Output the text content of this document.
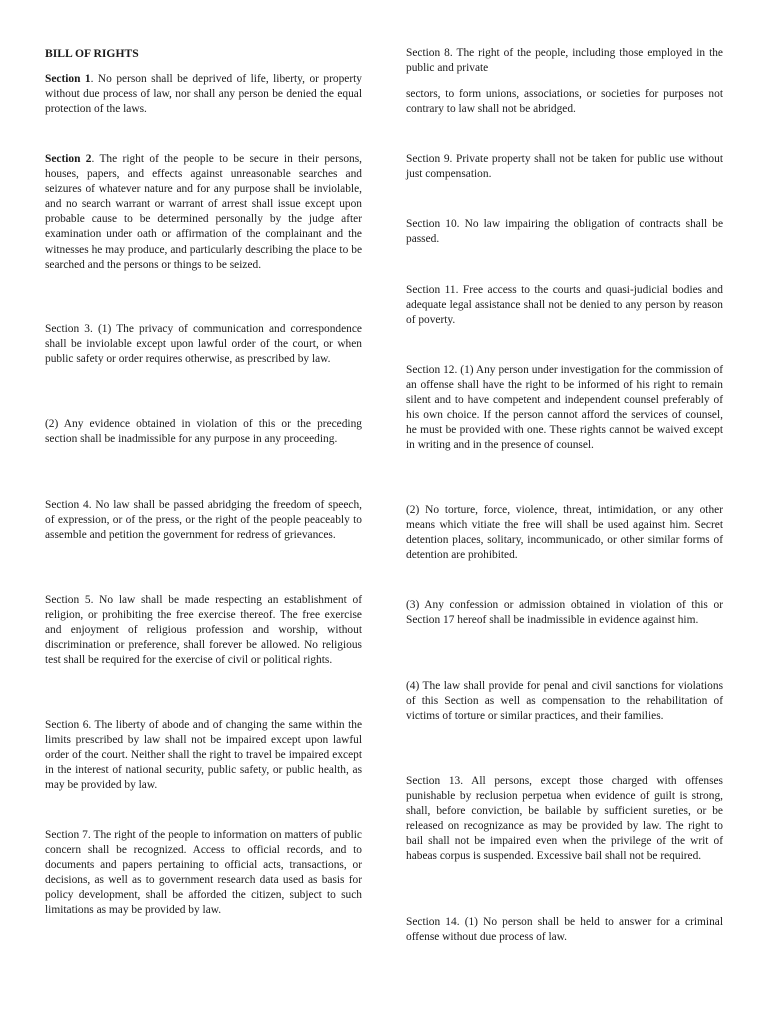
BILL OF RIGHTS

Section 1. No person shall be deprived of life, liberty, or property without due process of law, nor shall any person be denied the equal protection of the laws.

Section 2. The right of the people to be secure in their persons, houses, papers, and effects against unreasonable searches and seizures of whatever nature and for any purpose shall be inviolable, and no search warrant or warrant of arrest shall issue except upon probable cause to be determined personally by the judge after examination under oath or affirmation of the complainant and the witnesses he may produce, and particularly describing the place to be searched and the persons or things to be seized.

Section 3. (1) The privacy of communication and correspondence shall be inviolable except upon lawful order of the court, or when public safety or order requires otherwise, as prescribed by law.

(2) Any evidence obtained in violation of this or the preceding section shall be inadmissible for any purpose in any proceeding.

Section 4. No law shall be passed abridging the freedom of speech, of expression, or of the press, or the right of the people peaceably to assemble and petition the government for redress of grievances.

Section 5. No law shall be made respecting an establishment of religion, or prohibiting the free exercise thereof. The free exercise and enjoyment of religious profession and worship, without discrimination or preference, shall forever be allowed. No religious test shall be required for the exercise of civil or political rights.

Section 6. The liberty of abode and of changing the same within the limits prescribed by law shall not be impaired except upon lawful order of the court. Neither shall the right to travel be impaired except in the interest of national security, public safety, or public health, as may be provided by law.

Section 7. The right of the people to information on matters of public concern shall be recognized. Access to official records, and to documents and papers pertaining to official acts, transactions, or decisions, as well as to government research data used as basis for policy development, shall be afforded the citizen, subject to such limitations as may be provided by law.

Section 8. The right of the people, including those employed in the public and private

sectors, to form unions, associations, or societies for purposes not contrary to law shall not be abridged.

Section 9. Private property shall not be taken for public use without just compensation.

Section 10. No law impairing the obligation of contracts shall be passed.

Section 11. Free access to the courts and quasi-judicial bodies and adequate legal assistance shall not be denied to any person by reason of poverty.

Section 12. (1) Any person under investigation for the commission of an offense shall have the right to be informed of his right to remain silent and to have competent and independent counsel preferably of his own choice. If the person cannot afford the services of counsel, he must be provided with one. These rights cannot be waived except in writing and in the presence of counsel.

(2) No torture, force, violence, threat, intimidation, or any other means which vitiate the free will shall be used against him. Secret detention places, solitary, incommunicado, or other similar forms of detention are prohibited.

(3) Any confession or admission obtained in violation of this or Section 17 hereof shall be inadmissible in evidence against him.

(4) The law shall provide for penal and civil sanctions for violations of this Section as well as compensation to the rehabilitation of victims of torture or similar practices, and their families.

Section 13. All persons, except those charged with offenses punishable by reclusion perpetua when evidence of guilt is strong, shall, before conviction, be bailable by sufficient sureties, or be released on recognizance as may be provided by law. The right to bail shall not be impaired even when the privilege of the writ of habeas corpus is suspended. Excessive bail shall not be required.

Section 14. (1) No person shall be held to answer for a criminal offense without due process of law.
